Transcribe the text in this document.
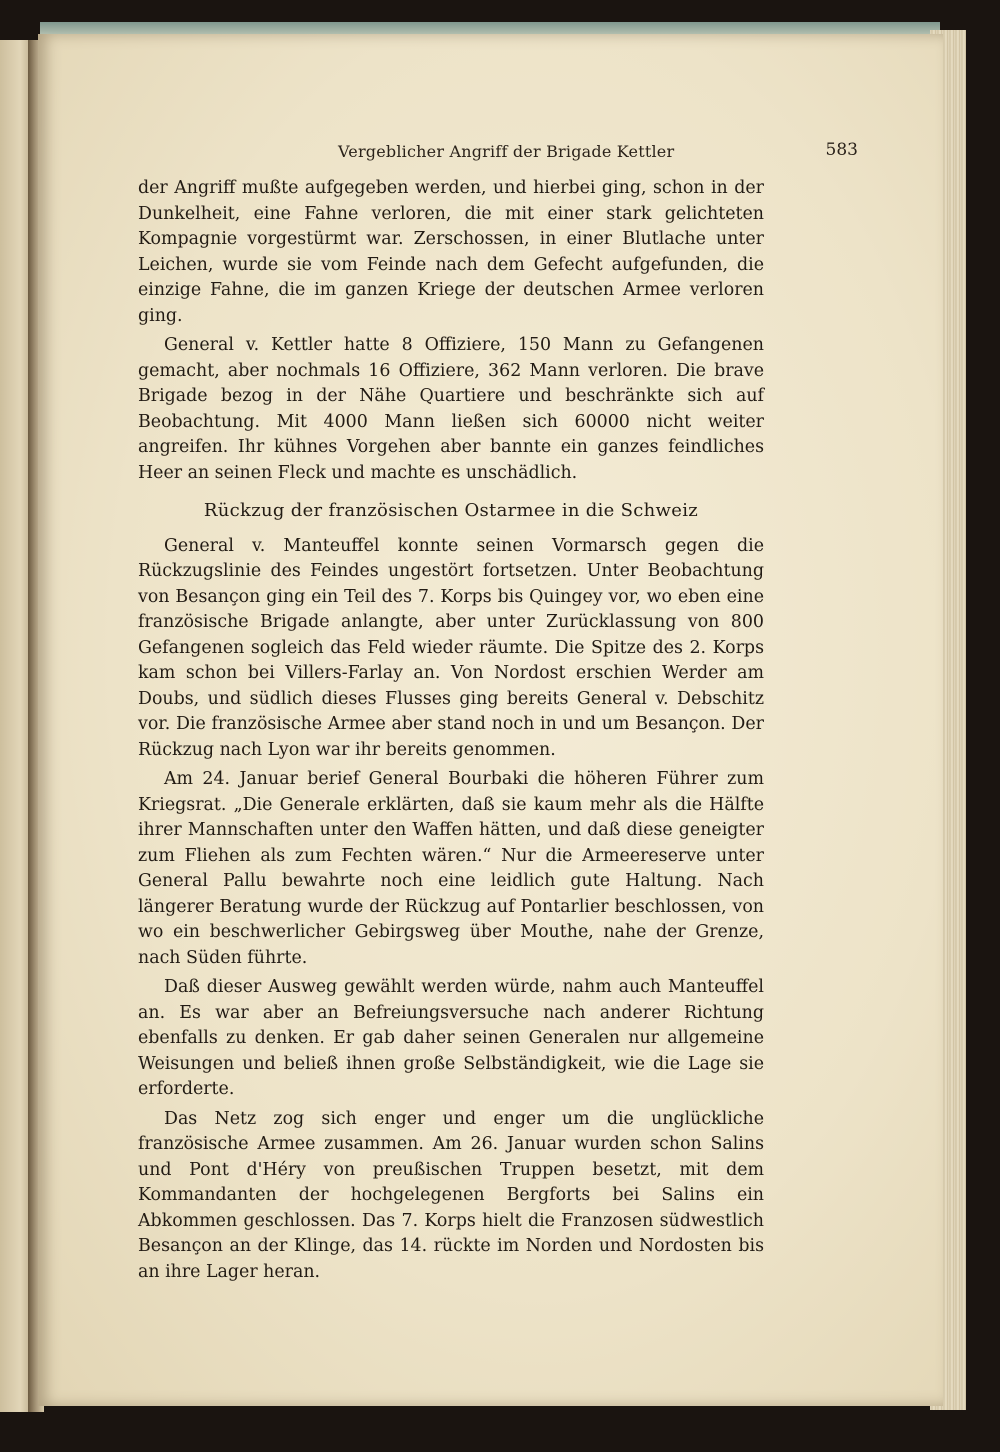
Vergeblicher Angriff der Brigade Kettler	583

der Angriff mußte aufgegeben werden, und hierbei ging, schon in der Dunkelheit, eine Fahne verloren, die mit einer stark gelichteten Kompagnie vorgestürmt war. Zerschossen, in einer Blutlache unter Leichen, wurde sie vom Feinde nach dem Gefecht aufgefunden, die einzige Fahne, die im ganzen Kriege der deutschen Armee verloren ging.

General v. Kettler hatte 8 Offiziere, 150 Mann zu Gefangenen gemacht, aber nochmals 16 Offiziere, 362 Mann verloren. Die brave Brigade bezog in der Nähe Quartiere und beschränkte sich auf Beobachtung. Mit 4000 Mann ließen sich 60000 nicht weiter angreifen. Ihr kühnes Vorgehen aber bannte ein ganzes feindliches Heer an seinen Fleck und machte es unschädlich.

Rückzug der französischen Ostarmee in die Schweiz

General v. Manteuffel konnte seinen Vormarsch gegen die Rückzugslinie des Feindes ungestört fortsetzen. Unter Beobachtung von Besançon ging ein Teil des 7. Korps bis Quingey vor, wo eben eine französische Brigade anlangte, aber unter Zurücklassung von 800 Gefangenen sogleich das Feld wieder räumte. Die Spitze des 2. Korps kam schon bei Villers-Farlay an. Von Nordost erschien Werder am Doubs, und südlich dieses Flusses ging bereits General v. Debschitz vor. Die französische Armee aber stand noch in und um Besançon. Der Rückzug nach Lyon war ihr bereits genommen.

Am 24. Januar berief General Bourbaki die höheren Führer zum Kriegsrat. „Die Generale erklärten, daß sie kaum mehr als die Hälfte ihrer Mannschaften unter den Waffen hätten, und daß diese geneigter zum Fliehen als zum Fechten wären.“ Nur die Armeereserve unter General Pallu bewahrte noch eine leidlich gute Haltung. Nach längerer Beratung wurde der Rückzug auf Pontarlier beschlossen, von wo ein beschwerlicher Gebirgsweg über Mouthe, nahe der Grenze, nach Süden führte.

Daß dieser Ausweg gewählt werden würde, nahm auch Manteuffel an. Es war aber an Befreiungsversuche nach anderer Richtung ebenfalls zu denken. Er gab daher seinen Generalen nur allgemeine Weisungen und beließ ihnen große Selbständigkeit, wie die Lage sie erforderte.

Das Netz zog sich enger und enger um die unglückliche französische Armee zusammen. Am 26. Januar wurden schon Salins und Pont d'Héry von preußischen Truppen besetzt, mit dem Kommandanten der hochgelegenen Bergforts bei Salins ein Abkommen geschlossen. Das 7. Korps hielt die Franzosen südwestlich Besançon an der Klinge, das 14. rückte im Norden und Nordosten bis an ihre Lager heran.
